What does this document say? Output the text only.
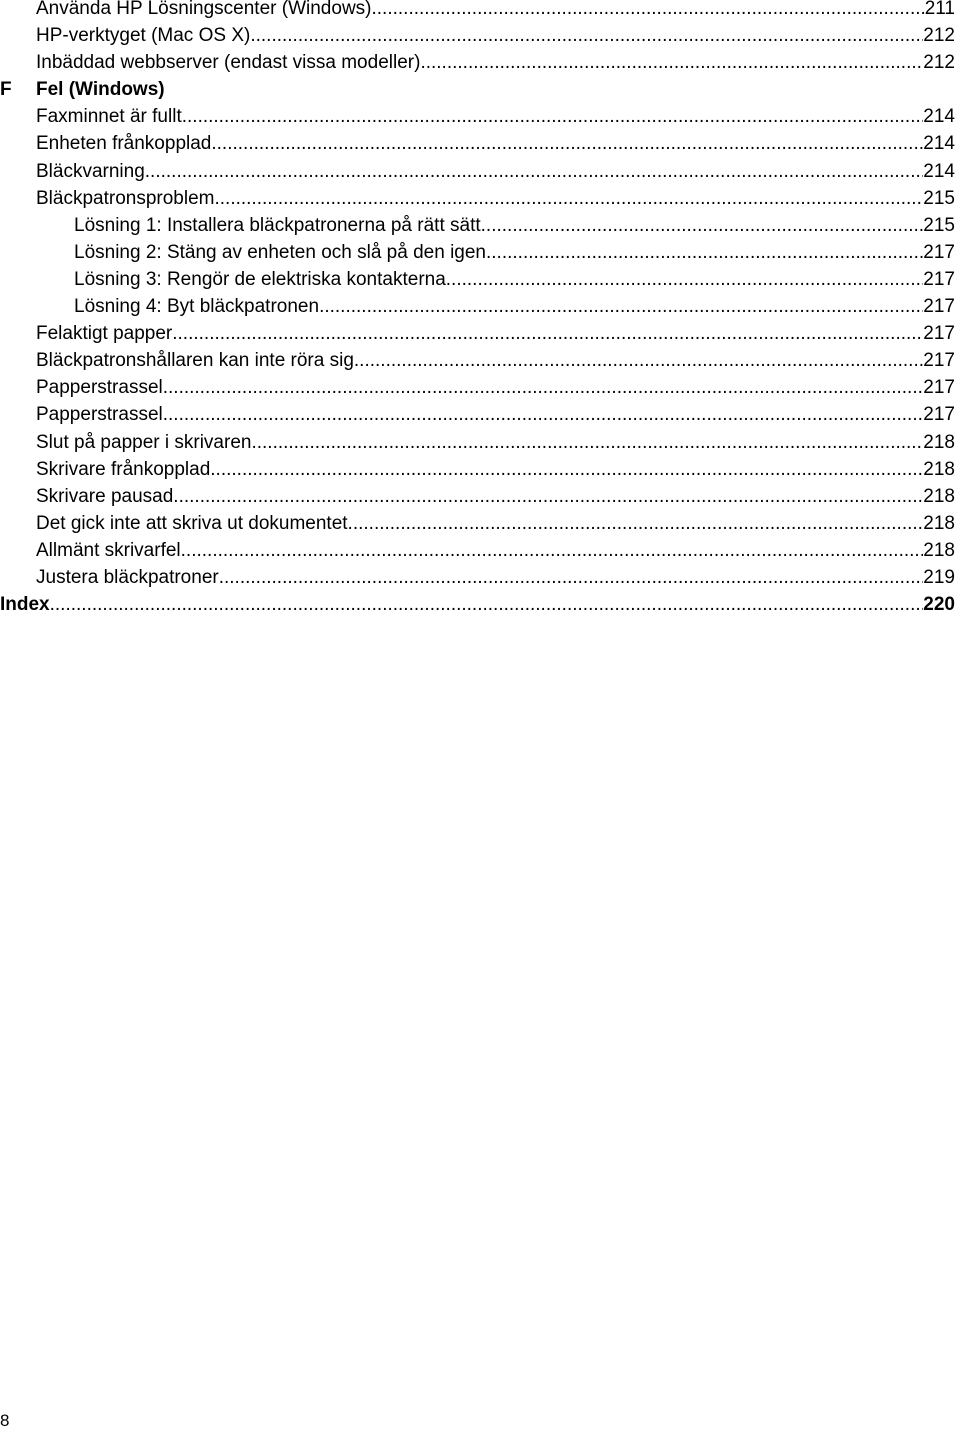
Använda HP Lösningscenter (Windows) .....	211
HP-verktyget (Mac OS X) .....	212
Inbäddad webbserver (endast vissa modeller) .....	212
F Fel (Windows)
Faxminnet är fullt .....	214
Enheten frånkopplad .....	214
Bläckvarning .....	214
Bläckpatronsproblem .....	215
Lösning 1: Installera bläckpatronerna på rätt sätt .....	215
Lösning 2: Stäng av enheten och slå på den igen .....	217
Lösning 3: Rengör de elektriska kontakterna .....	217
Lösning 4: Byt bläckpatronen .....	217
Felaktigt papper .....	217
Bläckpatronshållaren kan inte röra sig .....	217
Papperstrassel .....	217
Papperstrassel .....	217
Slut på papper i skrivaren .....	218
Skrivare frånkopplad .....	218
Skrivare pausad .....	218
Det gick inte att skriva ut dokumentet .....	218
Allmänt skrivarfel .....	218
Justera bläckpatroner .....	219
Index .....	220
8
